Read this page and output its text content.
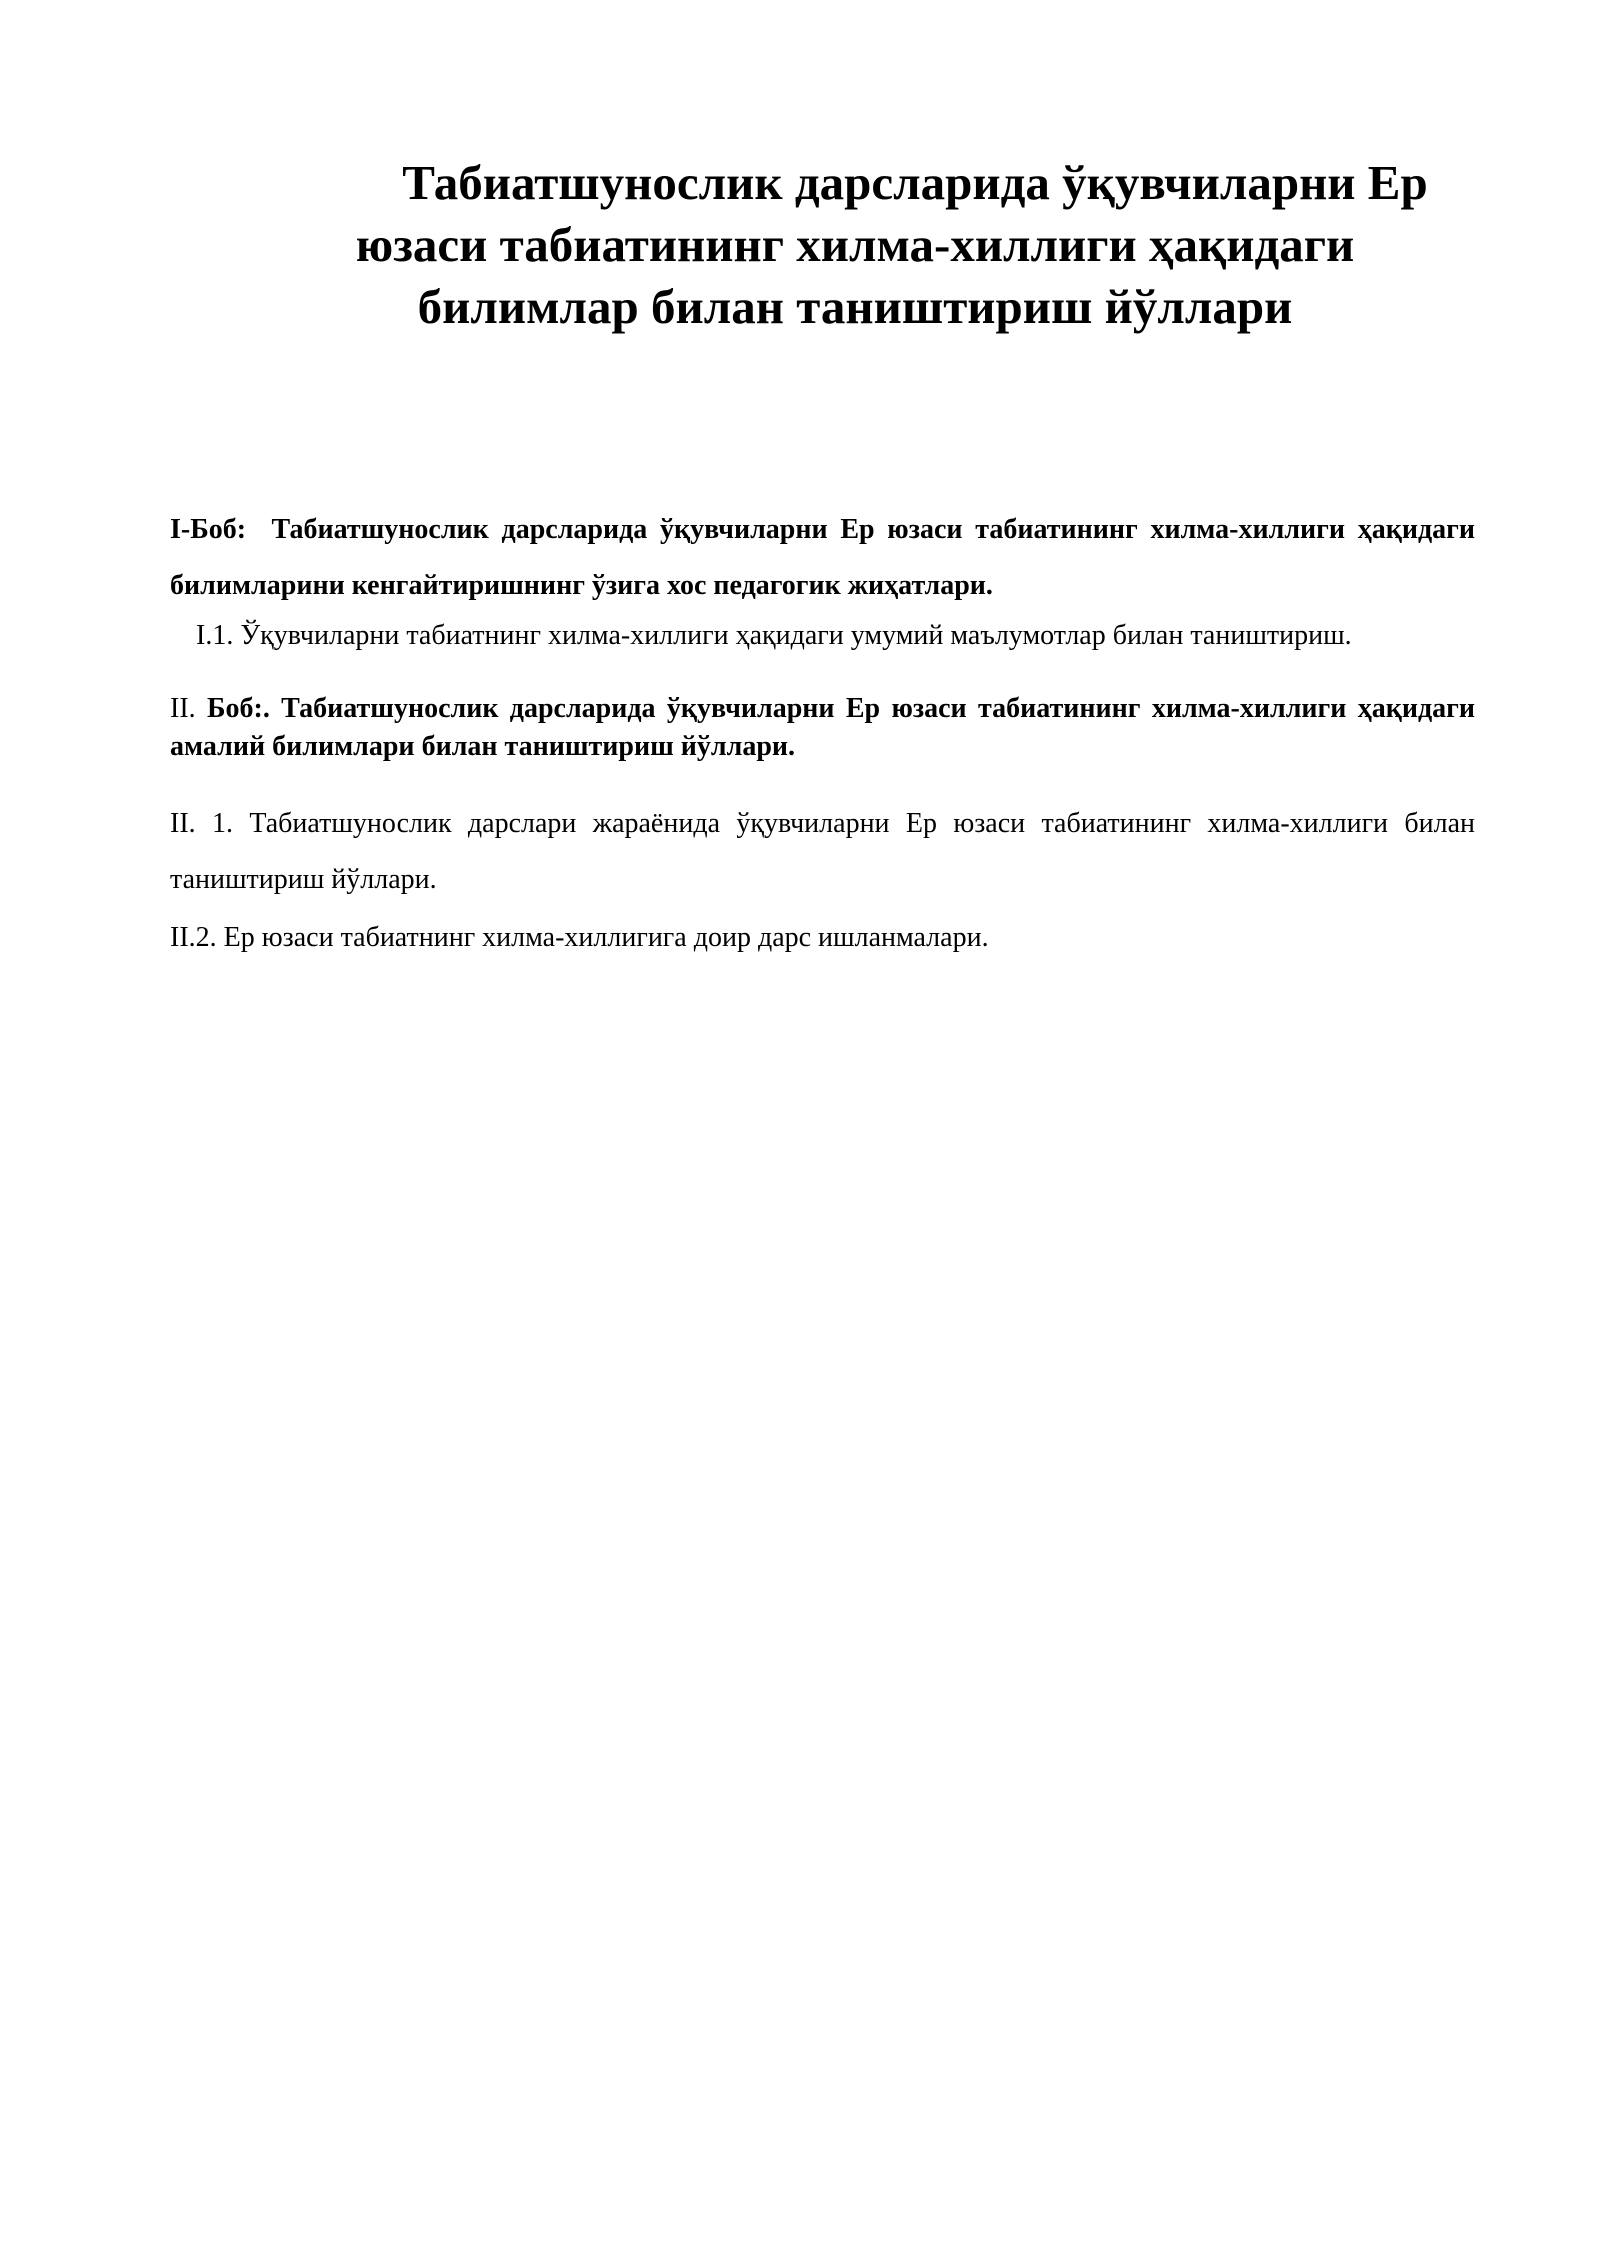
Табиатшунослик дарсларида ўқувчиларни Ер
юзаси табиатининг хилма-хиллиги ҳақидаги
билимлар билан таништириш йўллари

I-Боб: Табиатшунослик дарсларида ўқувчиларни Ер юзаси табиатининг хилма-хиллиги ҳақидаги билимларини кенгайтиришнинг ўзига хос педагогик жиҳатлари.

I.1. Ўқувчиларни табиатнинг хилма-хиллиги ҳақидаги умумий маълумотлар билан таништириш.

II. Боб:. Табиатшунослик дарсларида ўқувчиларни Ер юзаси табиатининг хилма-хиллиги ҳақидаги амалий билимлари билан таништириш йўллари.

II. 1. Табиатшунослик дарслари жараёнида ўқувчиларни Ер юзаси табиатининг хилма-хиллиги билан таништириш йўллари.

II.2. Ер юзаси табиатнинг хилма-хиллигига доир дарс ишланмалари.
